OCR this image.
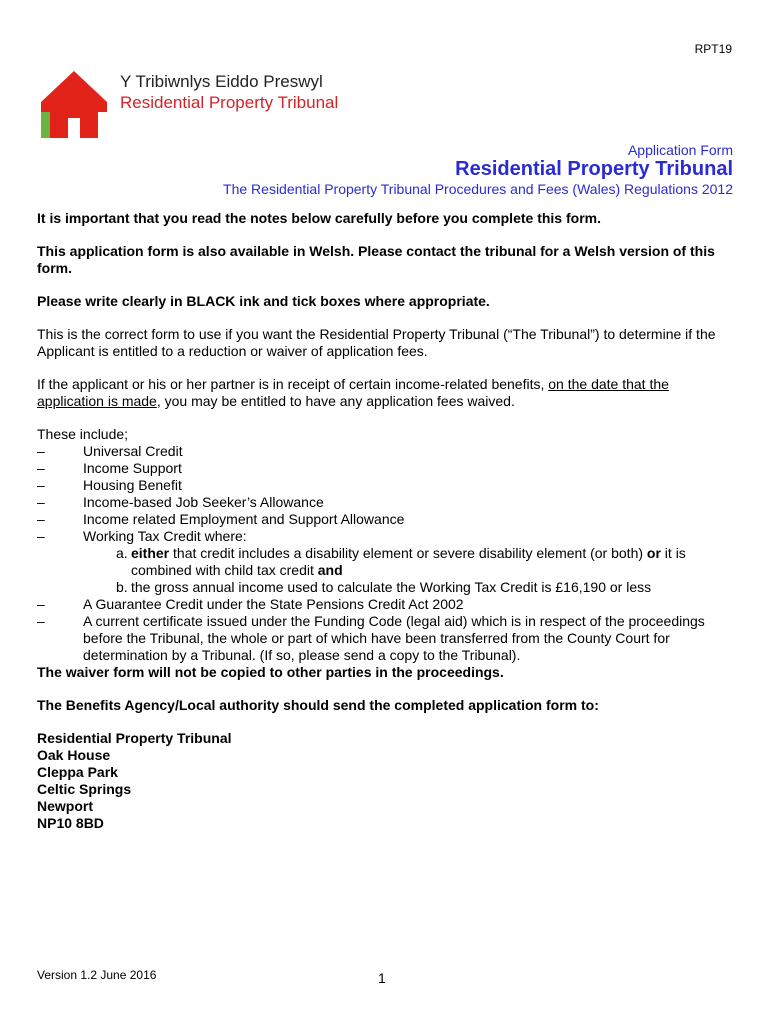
RPT19
Y Tribiwnlys Eiddo Preswyl
Residential Property Tribunal
Application Form
Residential Property Tribunal
The Residential Property Tribunal Procedures and Fees (Wales) Regulations 2012

It is important that you read the notes below carefully before you complete this form.

This application form is also available in Welsh. Please contact the tribunal for a Welsh version of this form.

Please write clearly in BLACK ink and tick boxes where appropriate.

This is the correct form to use if you want the Residential Property Tribunal (“The Tribunal”) to determine if the Applicant is entitled to a reduction or waiver of application fees.

If the applicant or his or her partner is in receipt of certain income-related benefits, on the date that the application is made, you may be entitled to have any application fees waived.

These include;
–	Universal Credit
–	Income Support
–	Housing Benefit
–	Income-based Job Seeker’s Allowance
–	Income related Employment and Support Allowance
–	Working Tax Credit where:
a. either that credit includes a disability element or severe disability element (or both) or it is combined with child tax credit and
b. the gross annual income used to calculate the Working Tax Credit is £16,190 or less
–	A Guarantee Credit under the State Pensions Credit Act 2002
–	A current certificate issued under the Funding Code (legal aid) which is in respect of the proceedings before the Tribunal, the whole or part of which have been transferred from the County Court for determination by a Tribunal. (If so, please send a copy to the Tribunal).

The waiver form will not be copied to other parties in the proceedings.

The Benefits Agency/Local authority should send the completed application form to:

Residential Property Tribunal
Oak House
Cleppa Park
Celtic Springs
Newport
NP10 8BD
Version 1.2 June 2016	1
